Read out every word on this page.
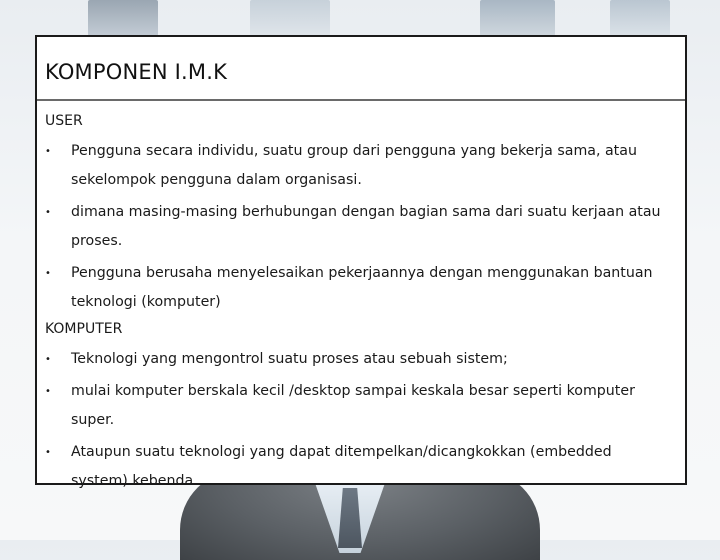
KOMPONEN I.M.K
USER
• Pengguna secara individu, suatu group dari pengguna yang bekerja sama, atau sekelompok pengguna dalam organisasi.
• dimana masing-masing berhubungan dengan bagian sama dari suatu kerjaan atau proses.
• Pengguna berusaha menyelesaikan pekerjaannya dengan menggunakan bantuan teknologi (komputer)
KOMPUTER
• Teknologi yang mengontrol suatu proses atau sebuah sistem;
• mulai komputer berskala kecil /desktop sampai keskala besar seperti komputer super.
• Ataupun suatu teknologi yang dapat ditempelkan/dicangkokkan (embedded system) kebenda.
